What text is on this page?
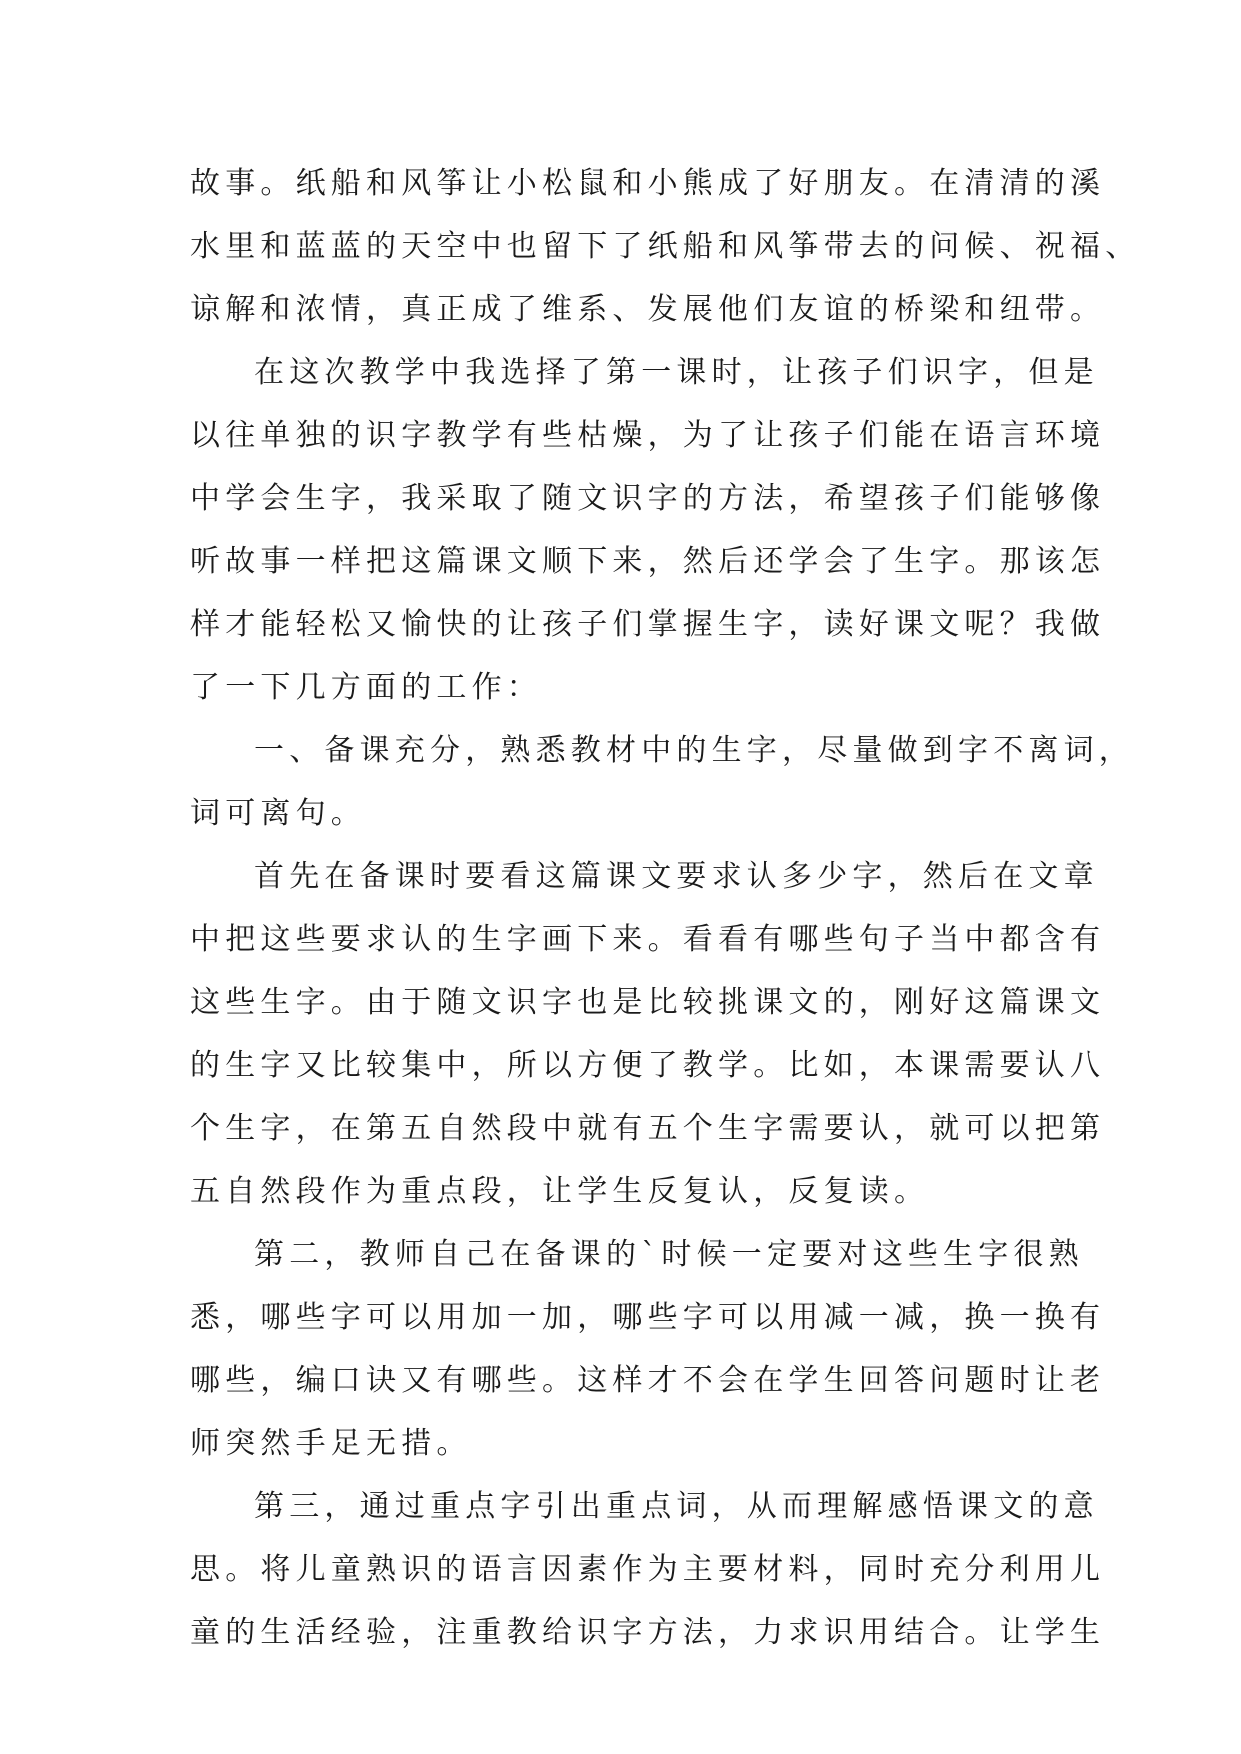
故事。纸船和风筝让小松鼠和小熊成了好朋友。在清清的溪
水里和蓝蓝的天空中也留下了纸船和风筝带去的问候、祝福、
谅解和浓情，真正成了维系、发展他们友谊的桥梁和纽带。
在这次教学中我选择了第一课时，让孩子们识字，但是
以往单独的识字教学有些枯燥，为了让孩子们能在语言环境
中学会生字，我采取了随文识字的方法，希望孩子们能够像
听故事一样把这篇课文顺下来，然后还学会了生字。那该怎
样才能轻松又愉快的让孩子们掌握生字，读好课文呢？我做
了一下几方面的工作：
一、备课充分，熟悉教材中的生字，尽量做到字不离词，
词可离句。
首先在备课时要看这篇课文要求认多少字，然后在文章
中把这些要求认的生字画下来。看看有哪些句子当中都含有
这些生字。由于随文识字也是比较挑课文的，刚好这篇课文
的生字又比较集中，所以方便了教学。比如，本课需要认八
个生字，在第五自然段中就有五个生字需要认，就可以把第
五自然段作为重点段，让学生反复认，反复读。
第二，教师自己在备课的`时候一定要对这些生字很熟
悉，哪些字可以用加一加，哪些字可以用减一减，换一换有
哪些，编口诀又有哪些。这样才不会在学生回答问题时让老
师突然手足无措。
第三，通过重点字引出重点词，从而理解感悟课文的意
思。将儿童熟识的语言因素作为主要材料，同时充分利用儿
童的生活经验，注重教给识字方法，力求识用结合。让学生
